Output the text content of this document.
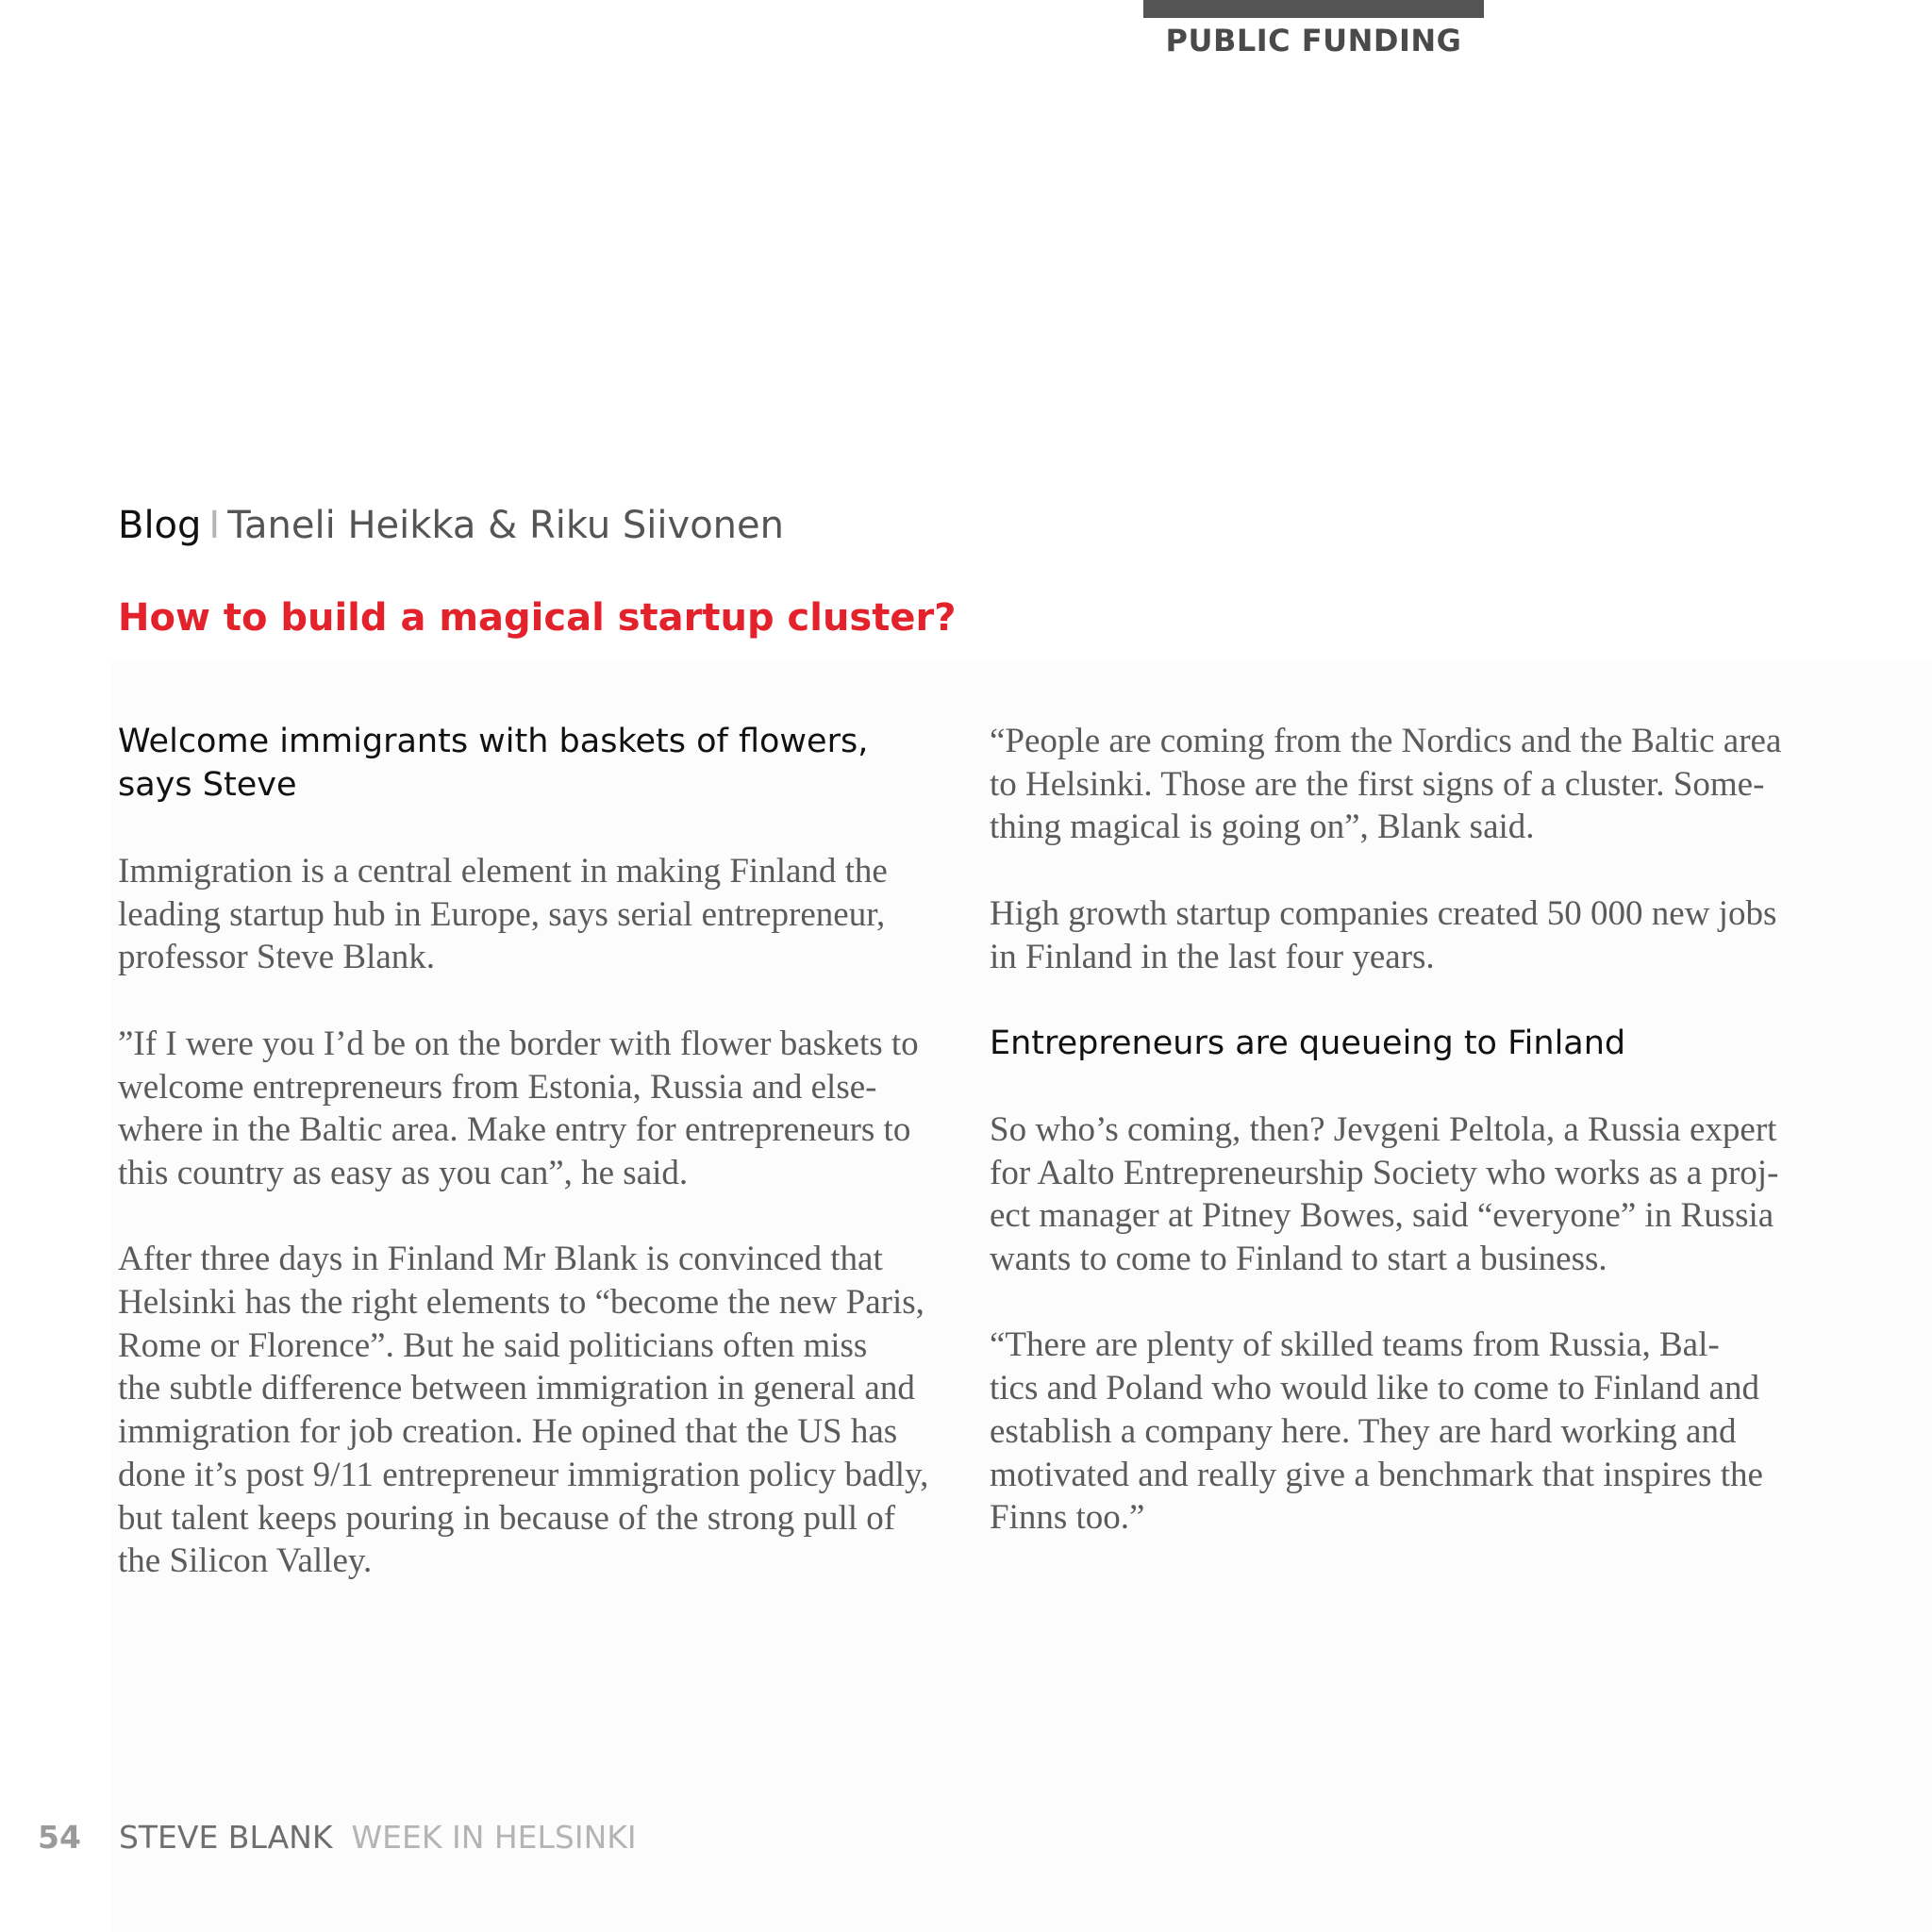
PUBLIC FUNDING
Blog I Taneli Heikka & Riku Siivonen
How to build a magical startup cluster?
Welcome immigrants with baskets of flowers,
says Steve

Immigration is a central element in making Finland the
leading startup hub in Europe, says serial entrepreneur,
professor Steve Blank.

”If I were you I’d be on the border with flower baskets to
welcome entrepreneurs from Estonia, Russia and else-
where in the Baltic area. Make entry for entrepreneurs to
this country as easy as you can”, he said.

After three days in Finland Mr Blank is convinced that
Helsinki has the right elements to “become the new Paris,
Rome or Florence”. But he said politicians often miss
the subtle difference between immigration in general and
immigration for job creation. He opined that the US has
done it’s post 9/11 entrepreneur immigration policy badly,
but talent keeps pouring in because of the strong pull of
the Silicon Valley.

“People are coming from the Nordics and the Baltic area
to Helsinki. Those are the first signs of a cluster. Some-
thing magical is going on”, Blank said.

High growth startup companies created 50 000 new jobs
in Finland in the last four years.

Entrepreneurs are queueing to Finland

So who’s coming, then? Jevgeni Peltola, a Russia expert
for Aalto Entrepreneurship Society who works as a proj-
ect manager at Pitney Bowes, said “everyone” in Russia
wants to come to Finland to start a business.

“There are plenty of skilled teams from Russia, Bal-
tics and Poland who would like to come to Finland and
establish a company here. They are hard working and
motivated and really give a benchmark that inspires the
Finns too.”

54 STEVE BLANK WEEK IN HELSINKI
